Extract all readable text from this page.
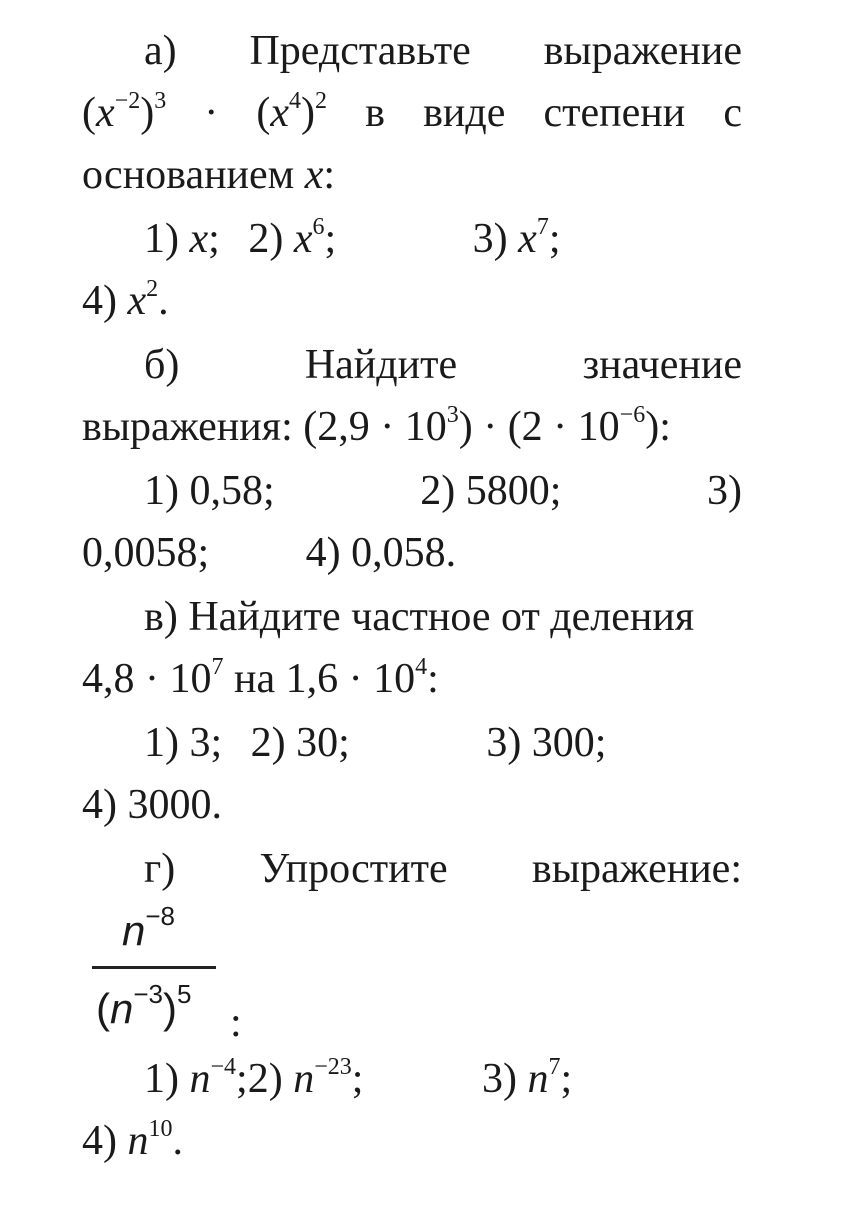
а) Представьте выражение
$(x^{-2})^3 \cdot (x^4)^2$ в виде степени с
основанием x:
1) x; 2) $x^6$;	3) $x^7$;
4) $x^2$.
б)	Найдите	значение
выражения: $(2,9 \cdot 10^3) \cdot (2 \cdot 10^{-6})$:
1) 0,58;	2) 5800;	3)
0,0058; 4) 0,058.
в) Найдите частное от деления
$4,8 \cdot 10^7$ на $1,6 \cdot 10^4$:
1) 3; 2) 30;	3) 300;
4) 3000.
г) Упростите выражение:
$n^{-8}$
$(n^{-3})^5$
:
1) $п^{-4};2$) $п^{-23}$;	3) $п^7$;
4) $п^{10}$.
